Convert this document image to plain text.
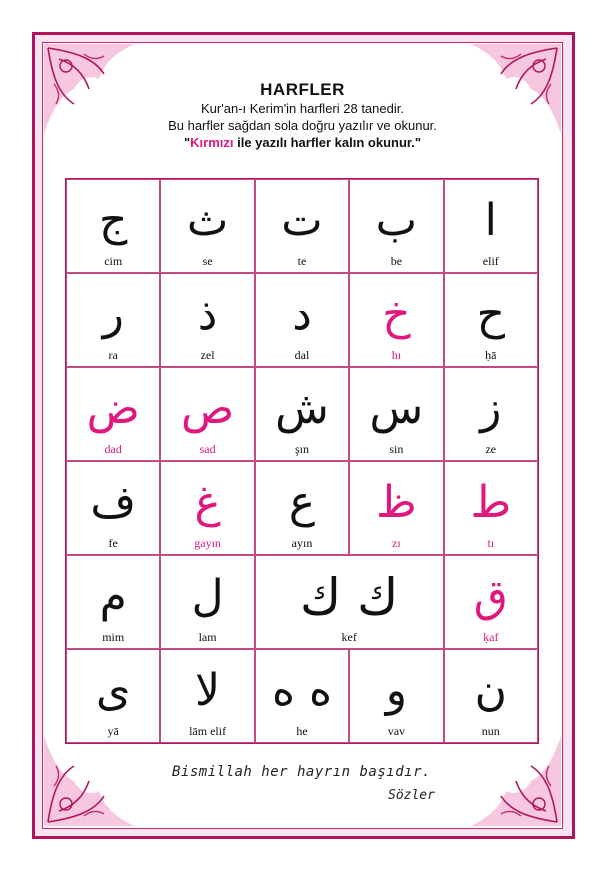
HARFLER
Kur'an-ı Kerim'in harfleri 28 tanedir.
Bu harfler sağdan sola doğru yazılır ve okunur.
"Kırmızı ile yazılı harfler kalın okunur."
ج
cim
ث
se
ت
te
ب
be
ا
elif
ر
ra
ذ
zel
د
dal
خ
hı
ح
ḥā
ض
dad
ص
sad
ش
şın
س
sin
ز
ze
ف
fe
غ
gayın
ع
ayın
ظ
zı
ط
tı
م
mim
ل
lam
ك ك
kef
ق
ḳaf
ى
yā
لا
lām elif
ه ه
he
و
vav
ن
nun
Bismillah her hayrın başıdır.
Sözler
